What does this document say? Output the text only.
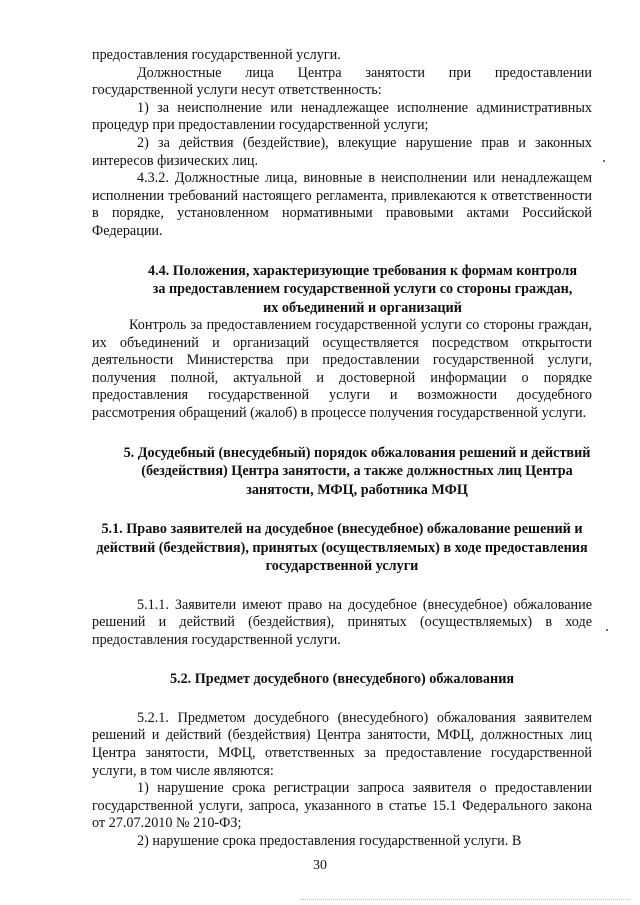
предоставления государственной услуги.

Должностные лица Центра занятости при предоставлении государственной услуги несут ответственность:

1) за неисполнение или ненадлежащее исполнение административных процедур при предоставлении государственной услуги;

2) за действия (бездействие), влекущие нарушение прав и законных интересов физических лиц.

4.3.2. Должностные лица, виновные в неисполнении или ненадлежащем исполнении требований настоящего регламента, привлекаются к ответственности в порядке, установленном нормативными правовыми актами Российской Федерации.

4.4. Положения, характеризующие требования к формам контроля за предоставлением государственной услуги со стороны граждан, их объединений и организаций

Контроль за предоставлением государственной услуги со стороны граждан, их объединений и организаций осуществляется посредством открытости деятельности Министерства при предоставлении государственной услуги, получения полной, актуальной и достоверной информации о порядке предоставления государственной услуги и возможности досудебного рассмотрения обращений (жалоб) в процессе получения государственной услуги.

5. Досудебный (внесудебный) порядок обжалования решений и действий (бездействия) Центра занятости, а также должностных лиц Центра занятости, МФЦ, работника МФЦ
5.1. Право заявителей на досудебное (внесудебное) обжалование решений и действий (бездействия), принятых (осуществляемых) в ходе предоставления государственной услуги

5.1.1. Заявители имеют право на досудебное (внесудебное) обжалование решений и действий (бездействия), принятых (осуществляемых) в ходе предоставления государственной услуги.

5.2. Предмет досудебного (внесудебного) обжалования

5.2.1. Предметом досудебного (внесудебного) обжалования заявителем решений и действий (бездействия) Центра занятости, МФЦ, должностных лиц Центра занятости, МФЦ, ответственных за предоставление государственной услуги, в том числе являются:

1) нарушение срока регистрации запроса заявителя о предоставлении государственной услуги, запроса, указанного в статье 15.1 Федерального закона от 27.07.2010 № 210-ФЗ;

2) нарушение срока предоставления государственной услуги. В

30
